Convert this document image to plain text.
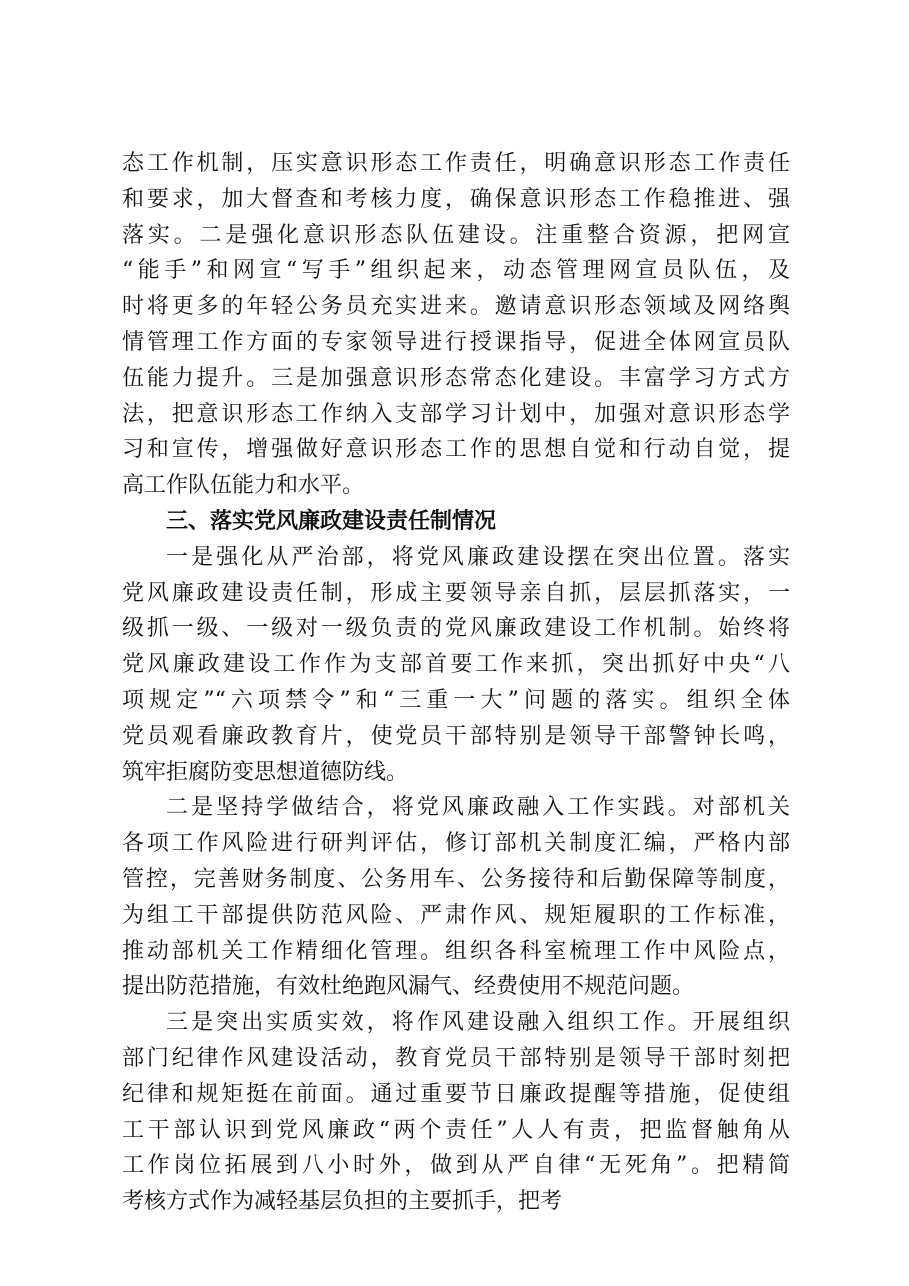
态工作机制，压实意识形态工作责任，明确意识形态工作责任
和要求，加大督查和考核力度，确保意识形态工作稳推进、强
落实。二是强化意识形态队伍建设。注重整合资源，把网宣
“能手”和网宣“写手”组织起来，动态管理网宣员队伍，及
时将更多的年轻公务员充实进来。邀请意识形态领域及网络舆
情管理工作方面的专家领导进行授课指导，促进全体网宣员队
伍能力提升。三是加强意识形态常态化建设。丰富学习方式方
法，把意识形态工作纳入支部学习计划中，加强对意识形态学
习和宣传，增强做好意识形态工作的思想自觉和行动自觉，提
高工作队伍能力和水平。
三、落实党风廉政建设责任制情况
一是强化从严治部，将党风廉政建设摆在突出位置。落实
党风廉政建设责任制，形成主要领导亲自抓，层层抓落实，一
级抓一级、一级对一级负责的党风廉政建设工作机制。始终将
党风廉政建设工作作为支部首要工作来抓，突出抓好中央“八
项规定”“六项禁令”和“三重一大”问题的落实。组织全体
党员观看廉政教育片，使党员干部特别是领导干部警钟长鸣，
筑牢拒腐防变思想道德防线。
二是坚持学做结合，将党风廉政融入工作实践。对部机关
各项工作风险进行研判评估，修订部机关制度汇编，严格内部
管控，完善财务制度、公务用车、公务接待和后勤保障等制度，
为组工干部提供防范风险、严肃作风、规矩履职的工作标准，
推动部机关工作精细化管理。组织各科室梳理工作中风险点，
提出防范措施，有效杜绝跑风漏气、经费使用不规范问题。
三是突出实质实效，将作风建设融入组织工作。开展组织
部门纪律作风建设活动，教育党员干部特别是领导干部时刻把
纪律和规矩挺在前面。通过重要节日廉政提醒等措施，促使组
工干部认识到党风廉政“两个责任”人人有责，把监督触角从
工作岗位拓展到八小时外，做到从严自律“无死角”。把精简
考核方式作为减轻基层负担的主要抓手，把考
